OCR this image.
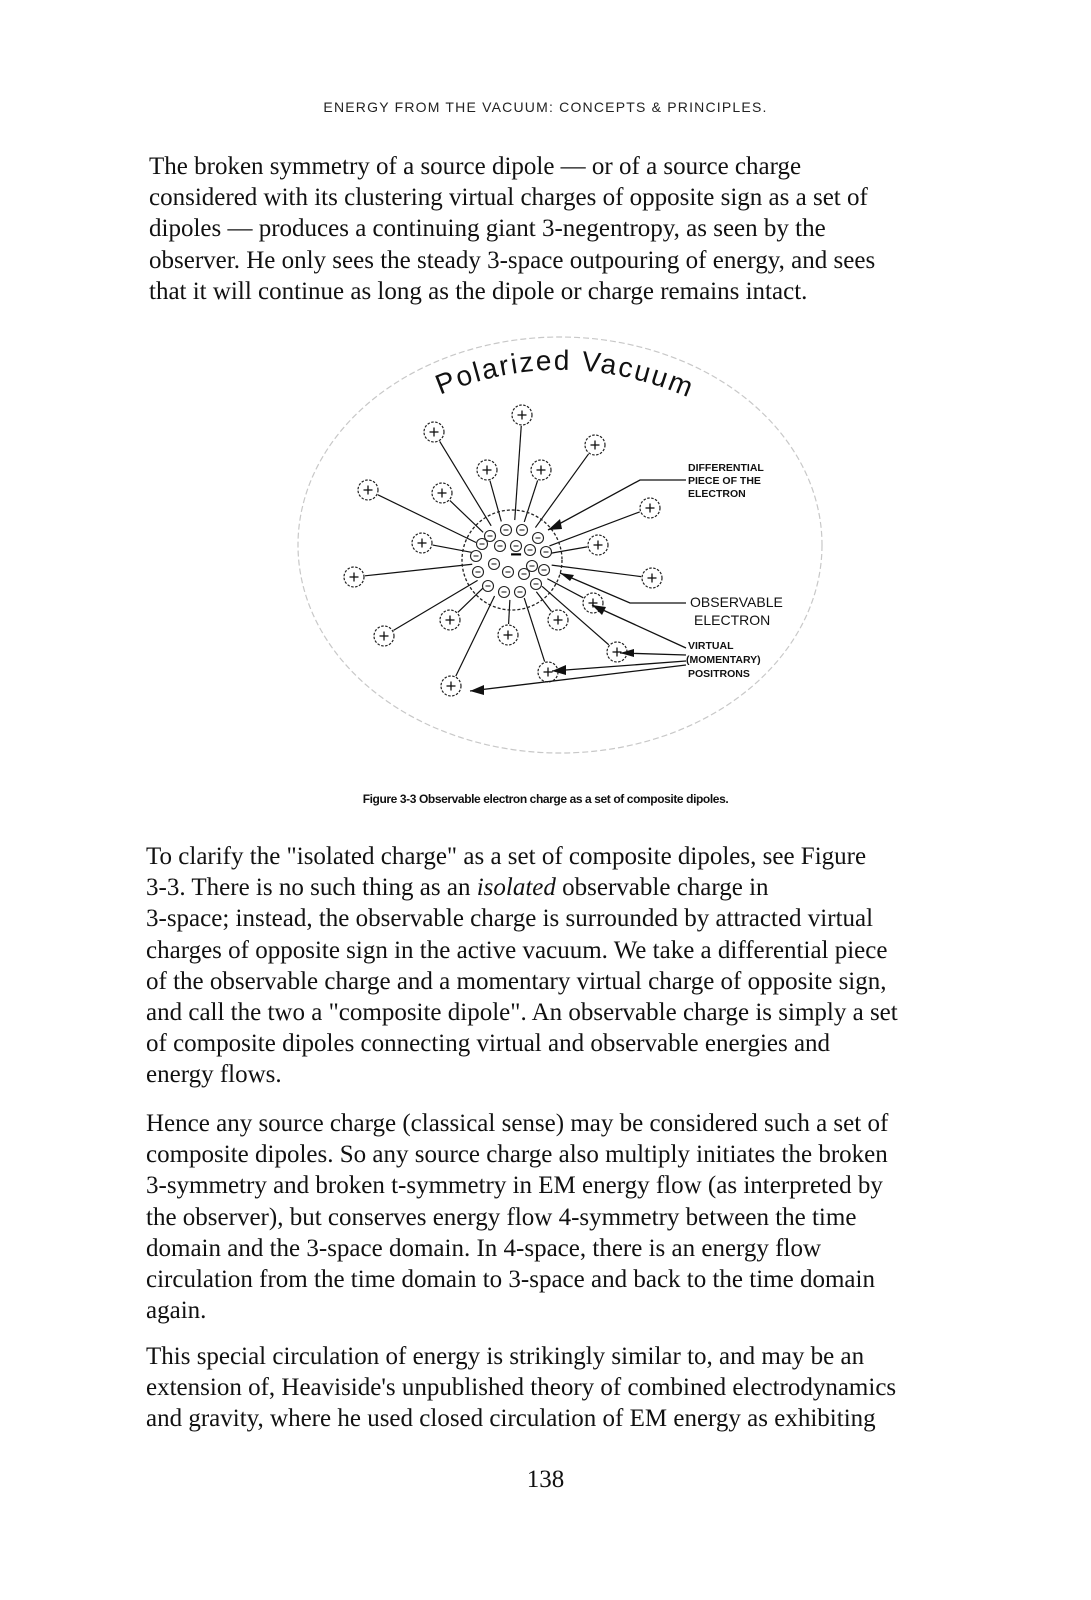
ENERGY FROM THE VACUUM: CONCEPTS & PRINCIPLES.
The broken symmetry of a source dipole — or of a source charge
considered with its clustering virtual charges of opposite sign as a set of
dipoles — produces a continuing giant 3-negentropy, as seen by the
observer. He only sees the steady 3-space outpouring of energy, and sees
that it will continue as long as the dipole or charge remains intact.
Polarized Vacuum
−
DIFFERENTIAL
PIECE OF THE
ELECTRON
OBSERVABLE
ELECTRON
VIRTUAL
(MOMENTARY)
POSITRONS
Figure 3-3 Observable electron charge as a set of composite dipoles.
To clarify the "isolated charge" as a set of composite dipoles, see Figure
3-3. There is no such thing as an isolated observable charge in
3-space; instead, the observable charge is surrounded by attracted virtual
charges of opposite sign in the active vacuum. We take a differential piece
of the observable charge and a momentary virtual charge of opposite sign,
and call the two a "composite dipole". An observable charge is simply a set
of composite dipoles connecting virtual and observable energies and
energy flows.
Hence any source charge (classical sense) may be considered such a set of
composite dipoles. So any source charge also multiply initiates the broken
3-symmetry and broken t-symmetry in EM energy flow (as interpreted by
the observer), but conserves energy flow 4-symmetry between the time
domain and the 3-space domain. In 4-space, there is an energy flow
circulation from the time domain to 3-space and back to the time domain
again.
This special circulation of energy is strikingly similar to, and may be an
extension of, Heaviside's unpublished theory of combined electrodynamics
and gravity, where he used closed circulation of EM energy as exhibiting
138
